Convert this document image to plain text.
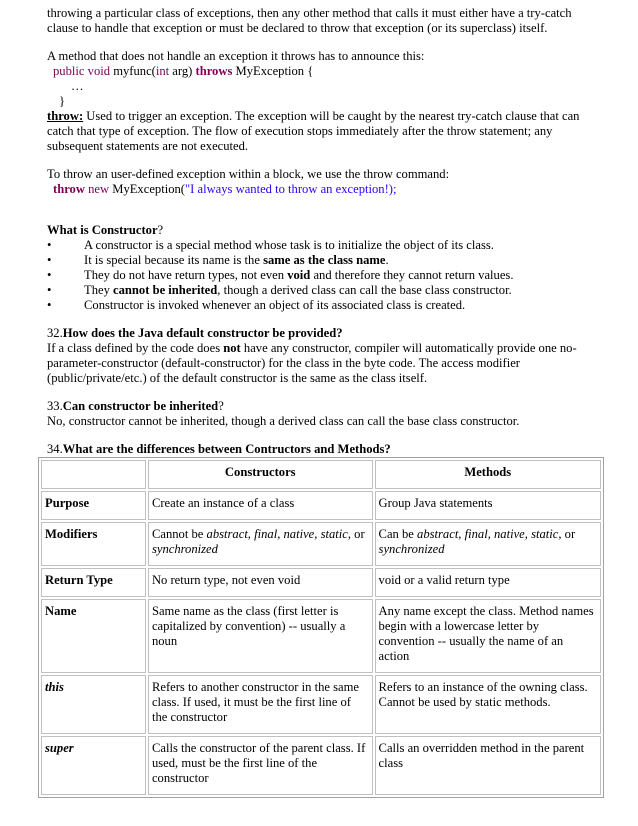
throwing a particular class of exceptions, then any other method that calls it must either have a try-catch clause to handle that exception or must be declared to throw that exception (or its superclass) itself.

A method that does not handle an exception it throws has to announce this:

public void myfunc(int arg) throws MyException {

…

}

throw: Used to trigger an exception. The exception will be caught by the nearest try-catch clause that can catch that type of exception. The flow of execution stops immediately after the throw statement; any subsequent statements are not executed.

To throw an user-defined exception within a block, we use the throw command:

throw new MyException("I always wanted to throw an exception!);

What is Constructor?

•	A constructor is a special method whose task is to initialize the object of its class.
•	It is special because its name is the same as the class name.
•	They do not have return types, not even void and therefore they cannot return values.
•	They cannot be inherited, though a derived class can call the base class constructor.
•	Constructor is invoked whenever an object of its associated class is created.

32.How does the Java default constructor be provided?

If a class defined by the code does not have any constructor, compiler will automatically provide one no-parameter-constructor (default-constructor) for the class in the byte code. The access modifier (public/private/etc.) of the default constructor is the same as the class itself.

33.Can constructor be inherited?

No, constructor cannot be inherited, though a derived class can call the base class constructor.

34.What are the differences between Contructors and Methods?

	Constructors	Methods
Purpose	Create an instance of a class	Group Java statements
Modifiers	Cannot be abstract, final, native, static, or synchronized	Can be abstract, final, native, static, or synchronized
Return Type	No return type, not even void	void or a valid return type
Name	Same name as the class (first letter is capitalized by convention) -- usually a noun	Any name except the class. Method names begin with a lowercase letter by convention -- usually the name of an action
this	Refers to another constructor in the same class. If used, it must be the first line of the constructor	Refers to an instance of the owning class. Cannot be used by static methods.
super	Calls the constructor of the parent class. If used, must be the first line of the constructor	Calls an overridden method in the parent class
